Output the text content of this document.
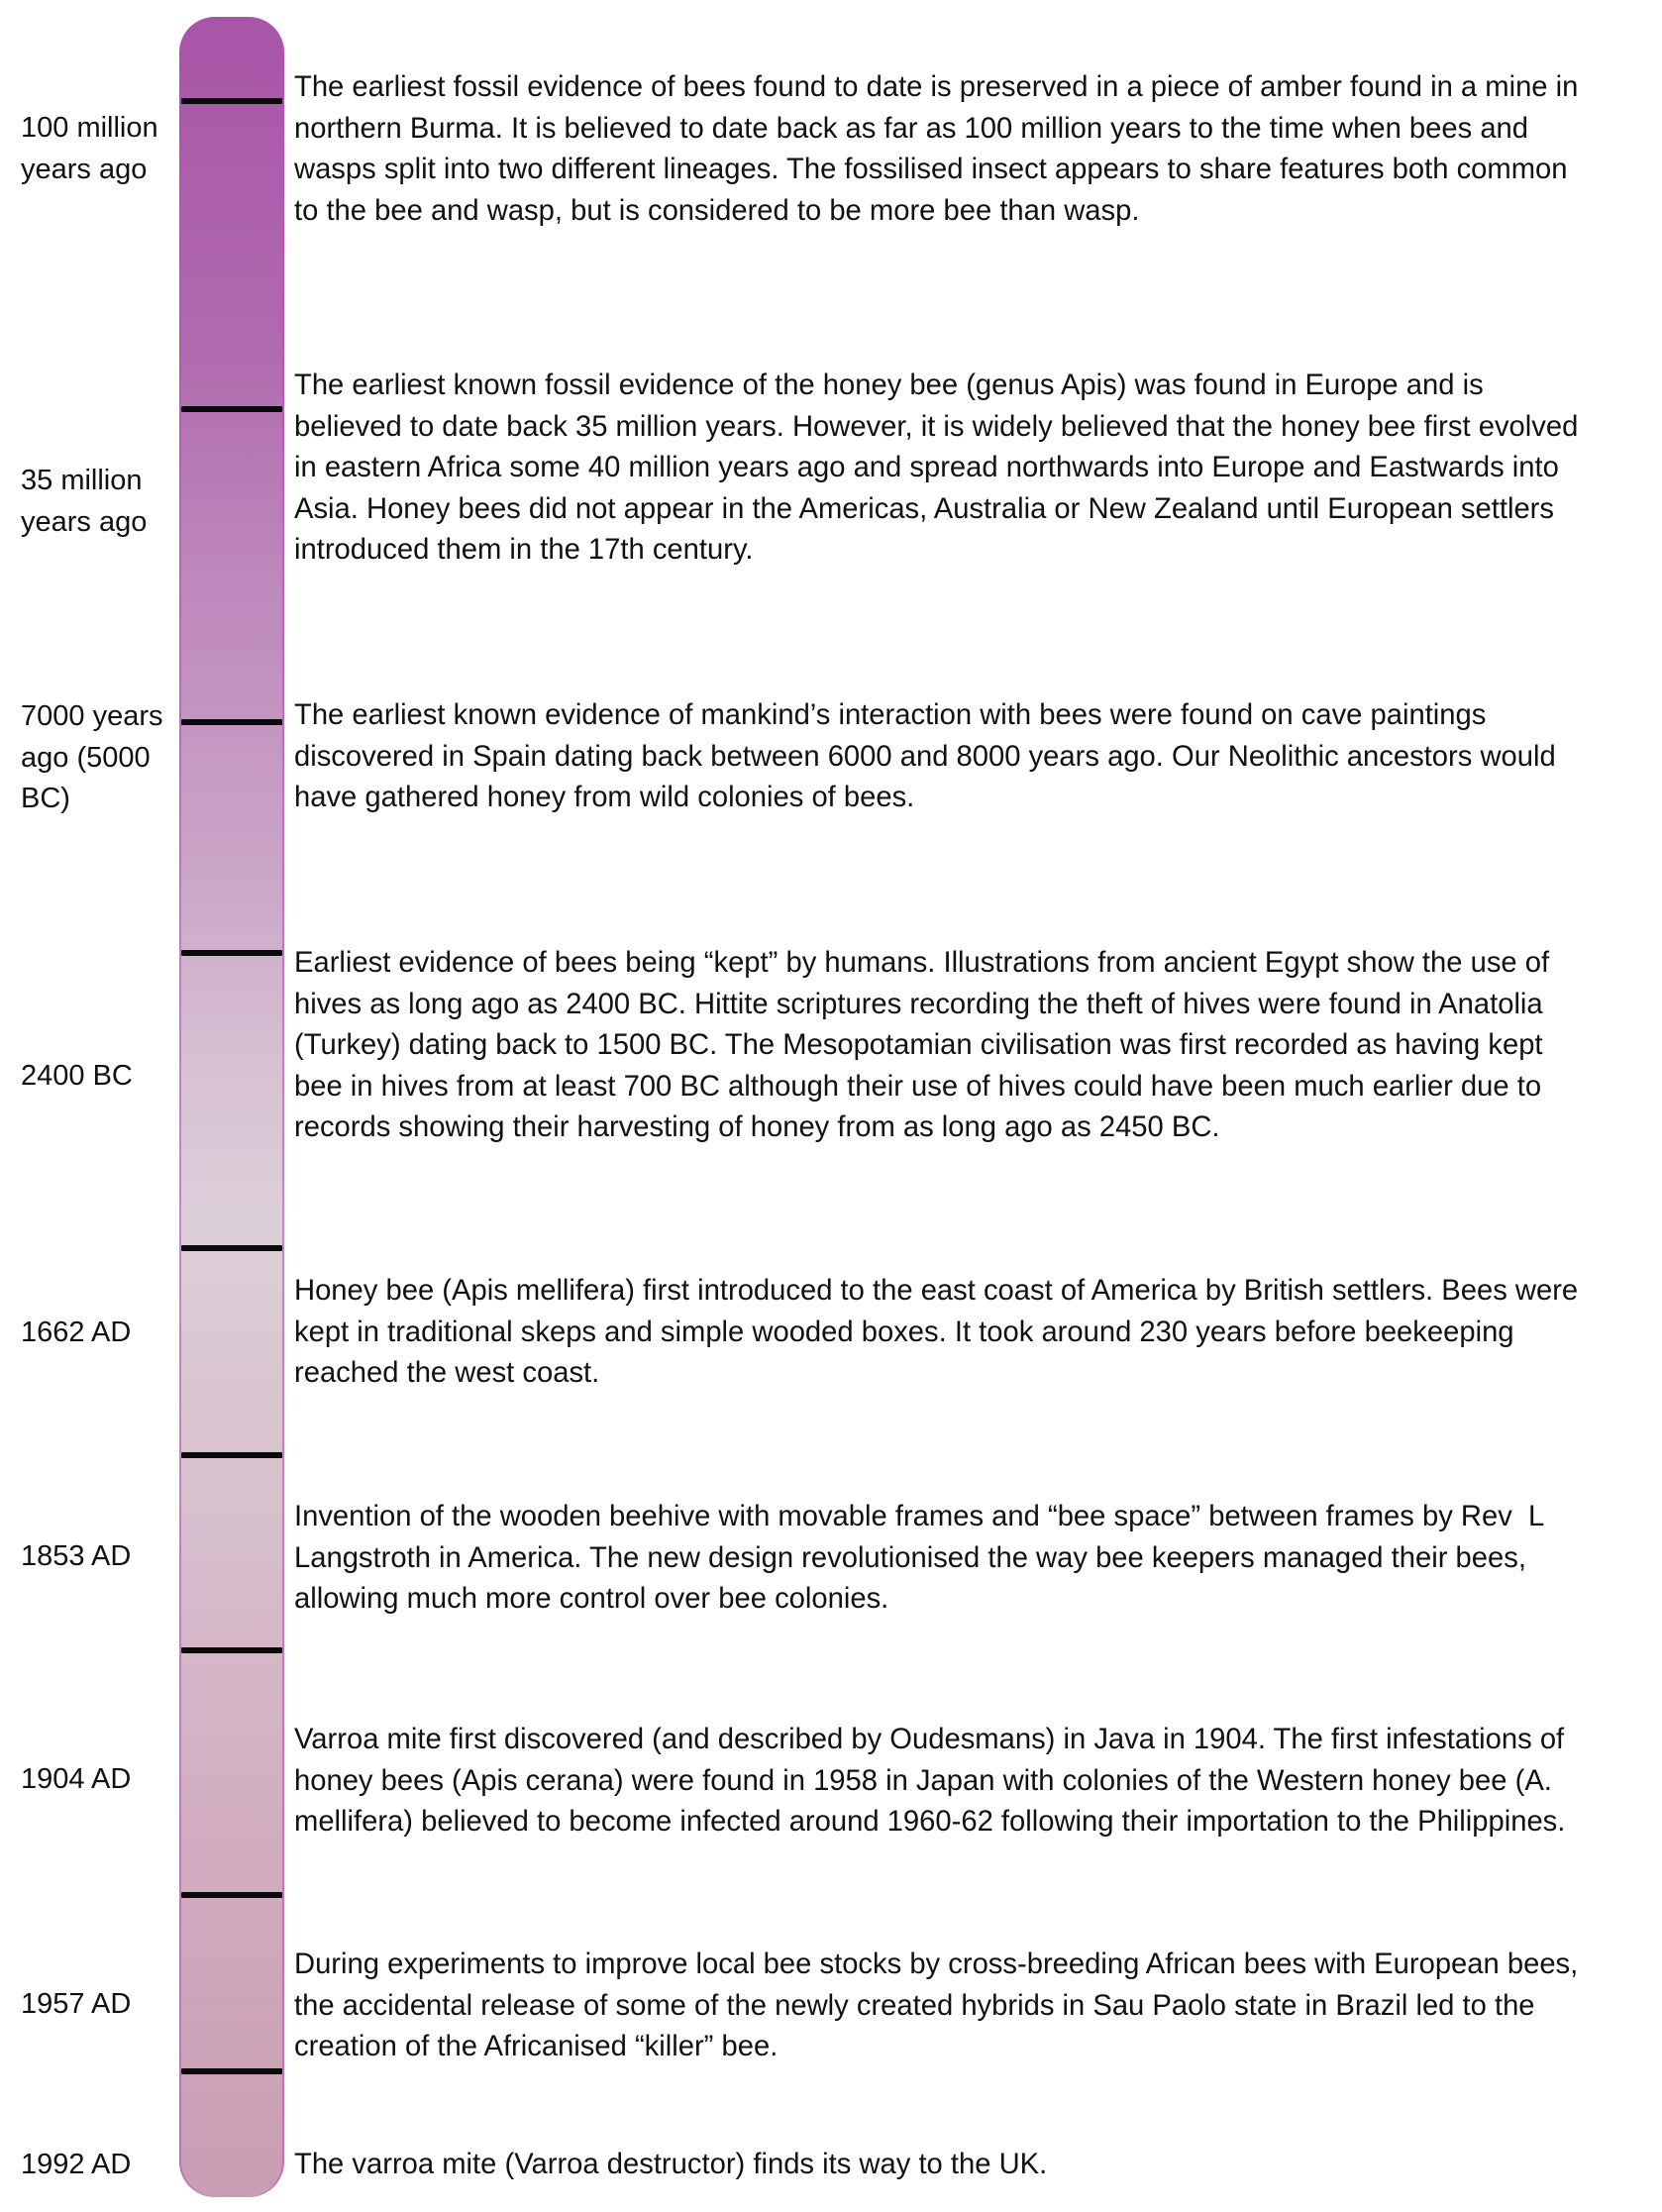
100 million
years ago
The earliest fossil evidence of bees found to date is preserved in a piece of amber found in a mine in
northern Burma. It is believed to date back as far as 100 million years to the time when bees and
wasps split into two different lineages. The fossilised insect appears to share features both common
to the bee and wasp, but is considered to be more bee than wasp.
35 million
years ago
The earliest known fossil evidence of the honey bee (genus Apis) was found in Europe and is
believed to date back 35 million years. However, it is widely believed that the honey bee first evolved
in eastern Africa some 40 million years ago and spread northwards into Europe and Eastwards into
Asia. Honey bees did not appear in the Americas, Australia or New Zealand until European settlers
introduced them in the 17th century.
7000 years
ago (5000
BC)
The earliest known evidence of mankind’s interaction with bees were found on cave paintings
discovered in Spain dating back between 6000 and 8000 years ago. Our Neolithic ancestors would
have gathered honey from wild colonies of bees.
2400 BC
Earliest evidence of bees being “kept” by humans. Illustrations from ancient Egypt show the use of
hives as long ago as 2400 BC. Hittite scriptures recording the theft of hives were found in Anatolia
(Turkey) dating back to 1500 BC. The Mesopotamian civilisation was first recorded as having kept
bee in hives from at least 700 BC although their use of hives could have been much earlier due to
records showing their harvesting of honey from as long ago as 2450 BC.
1662 AD
Honey bee (Apis mellifera) first introduced to the east coast of America by British settlers. Bees were
kept in traditional skeps and simple wooded boxes. It took around 230 years before beekeeping
reached the west coast.
1853 AD
Invention of the wooden beehive with movable frames and “bee space” between frames by Rev  L
Langstroth in America. The new design revolutionised the way bee keepers managed their bees,
allowing much more control over bee colonies.
1904 AD
Varroa mite first discovered (and described by Oudesmans) in Java in 1904. The first infestations of
honey bees (Apis cerana) were found in 1958 in Japan with colonies of the Western honey bee (A.
mellifera) believed to become infected around 1960-62 following their importation to the Philippines.
1957 AD
During experiments to improve local bee stocks by cross-breeding African bees with European bees,
the accidental release of some of the newly created hybrids in Sau Paolo state in Brazil led to the
creation of the Africanised “killer” bee.
1992 AD	The varroa mite (Varroa destructor) finds its way to the UK.
